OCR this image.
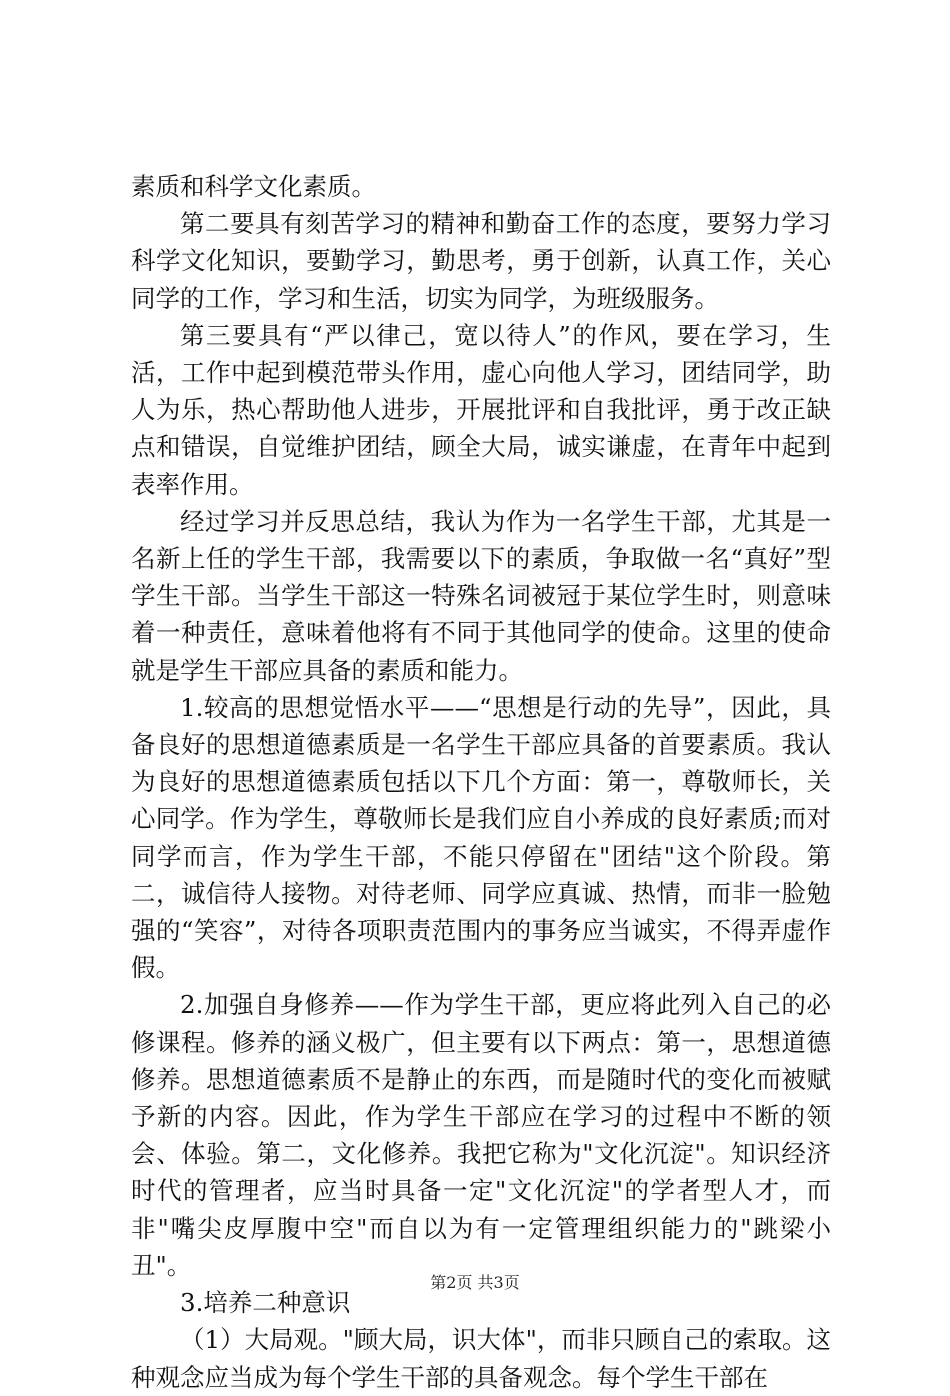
素质和科学文化素质。

第二要具有刻苦学习的精神和勤奋工作的态度，要努力学习科学文化知识，要勤学习，勤思考，勇于创新，认真工作，关心同学的工作，学习和生活，切实为同学，为班级服务。

第三要具有“严以律己，宽以待人”的作风，要在学习，生活，工作中起到模范带头作用，虚心向他人学习，团结同学，助人为乐，热心帮助他人进步，开展批评和自我批评，勇于改正缺点和错误，自觉维护团结，顾全大局，诚实谦虚，在青年中起到表率作用。

经过学习并反思总结，我认为作为一名学生干部，尤其是一名新上任的学生干部，我需要以下的素质，争取做一名“真好”型学生干部。当学生干部这一特殊名词被冠于某位学生时，则意味着一种责任，意味着他将有不同于其他同学的使命。这里的使命就是学生干部应具备的素质和能力。

1.较高的思想觉悟水平——“思想是行动的先导”，因此，具备良好的思想道德素质是一名学生干部应具备的首要素质。我认为良好的思想道德素质包括以下几个方面：第一，尊敬师长，关心同学。作为学生，尊敬师长是我们应自小养成的良好素质;而对同学而言，作为学生干部，不能只停留在"团结"这个阶段。第二，诚信待人接物。对待老师、同学应真诚、热情，而非一脸勉强的“笑容”，对待各项职责范围内的事务应当诚实，不得弄虚作假。

2.加强自身修养——作为学生干部，更应将此列入自己的必修课程。修养的涵义极广，但主要有以下两点：第一，思想道德修养。思想道德素质不是静止的东西，而是随时代的变化而被赋予新的内容。因此，作为学生干部应在学习的过程中不断的领会、体验。第二，文化修养。我把它称为"文化沉淀"。知识经济时代的管理者，应当时具备一定"文化沉淀"的学者型人才，而非"嘴尖皮厚腹中空"而自以为有一定管理组织能力的"跳梁小丑"。

3.培养二种意识

（1）大局观。"顾大局，识大体"，而非只顾自己的索取。这种观念应当成为每个学生干部的具备观念。每个学生干部在

第2页 共3页
